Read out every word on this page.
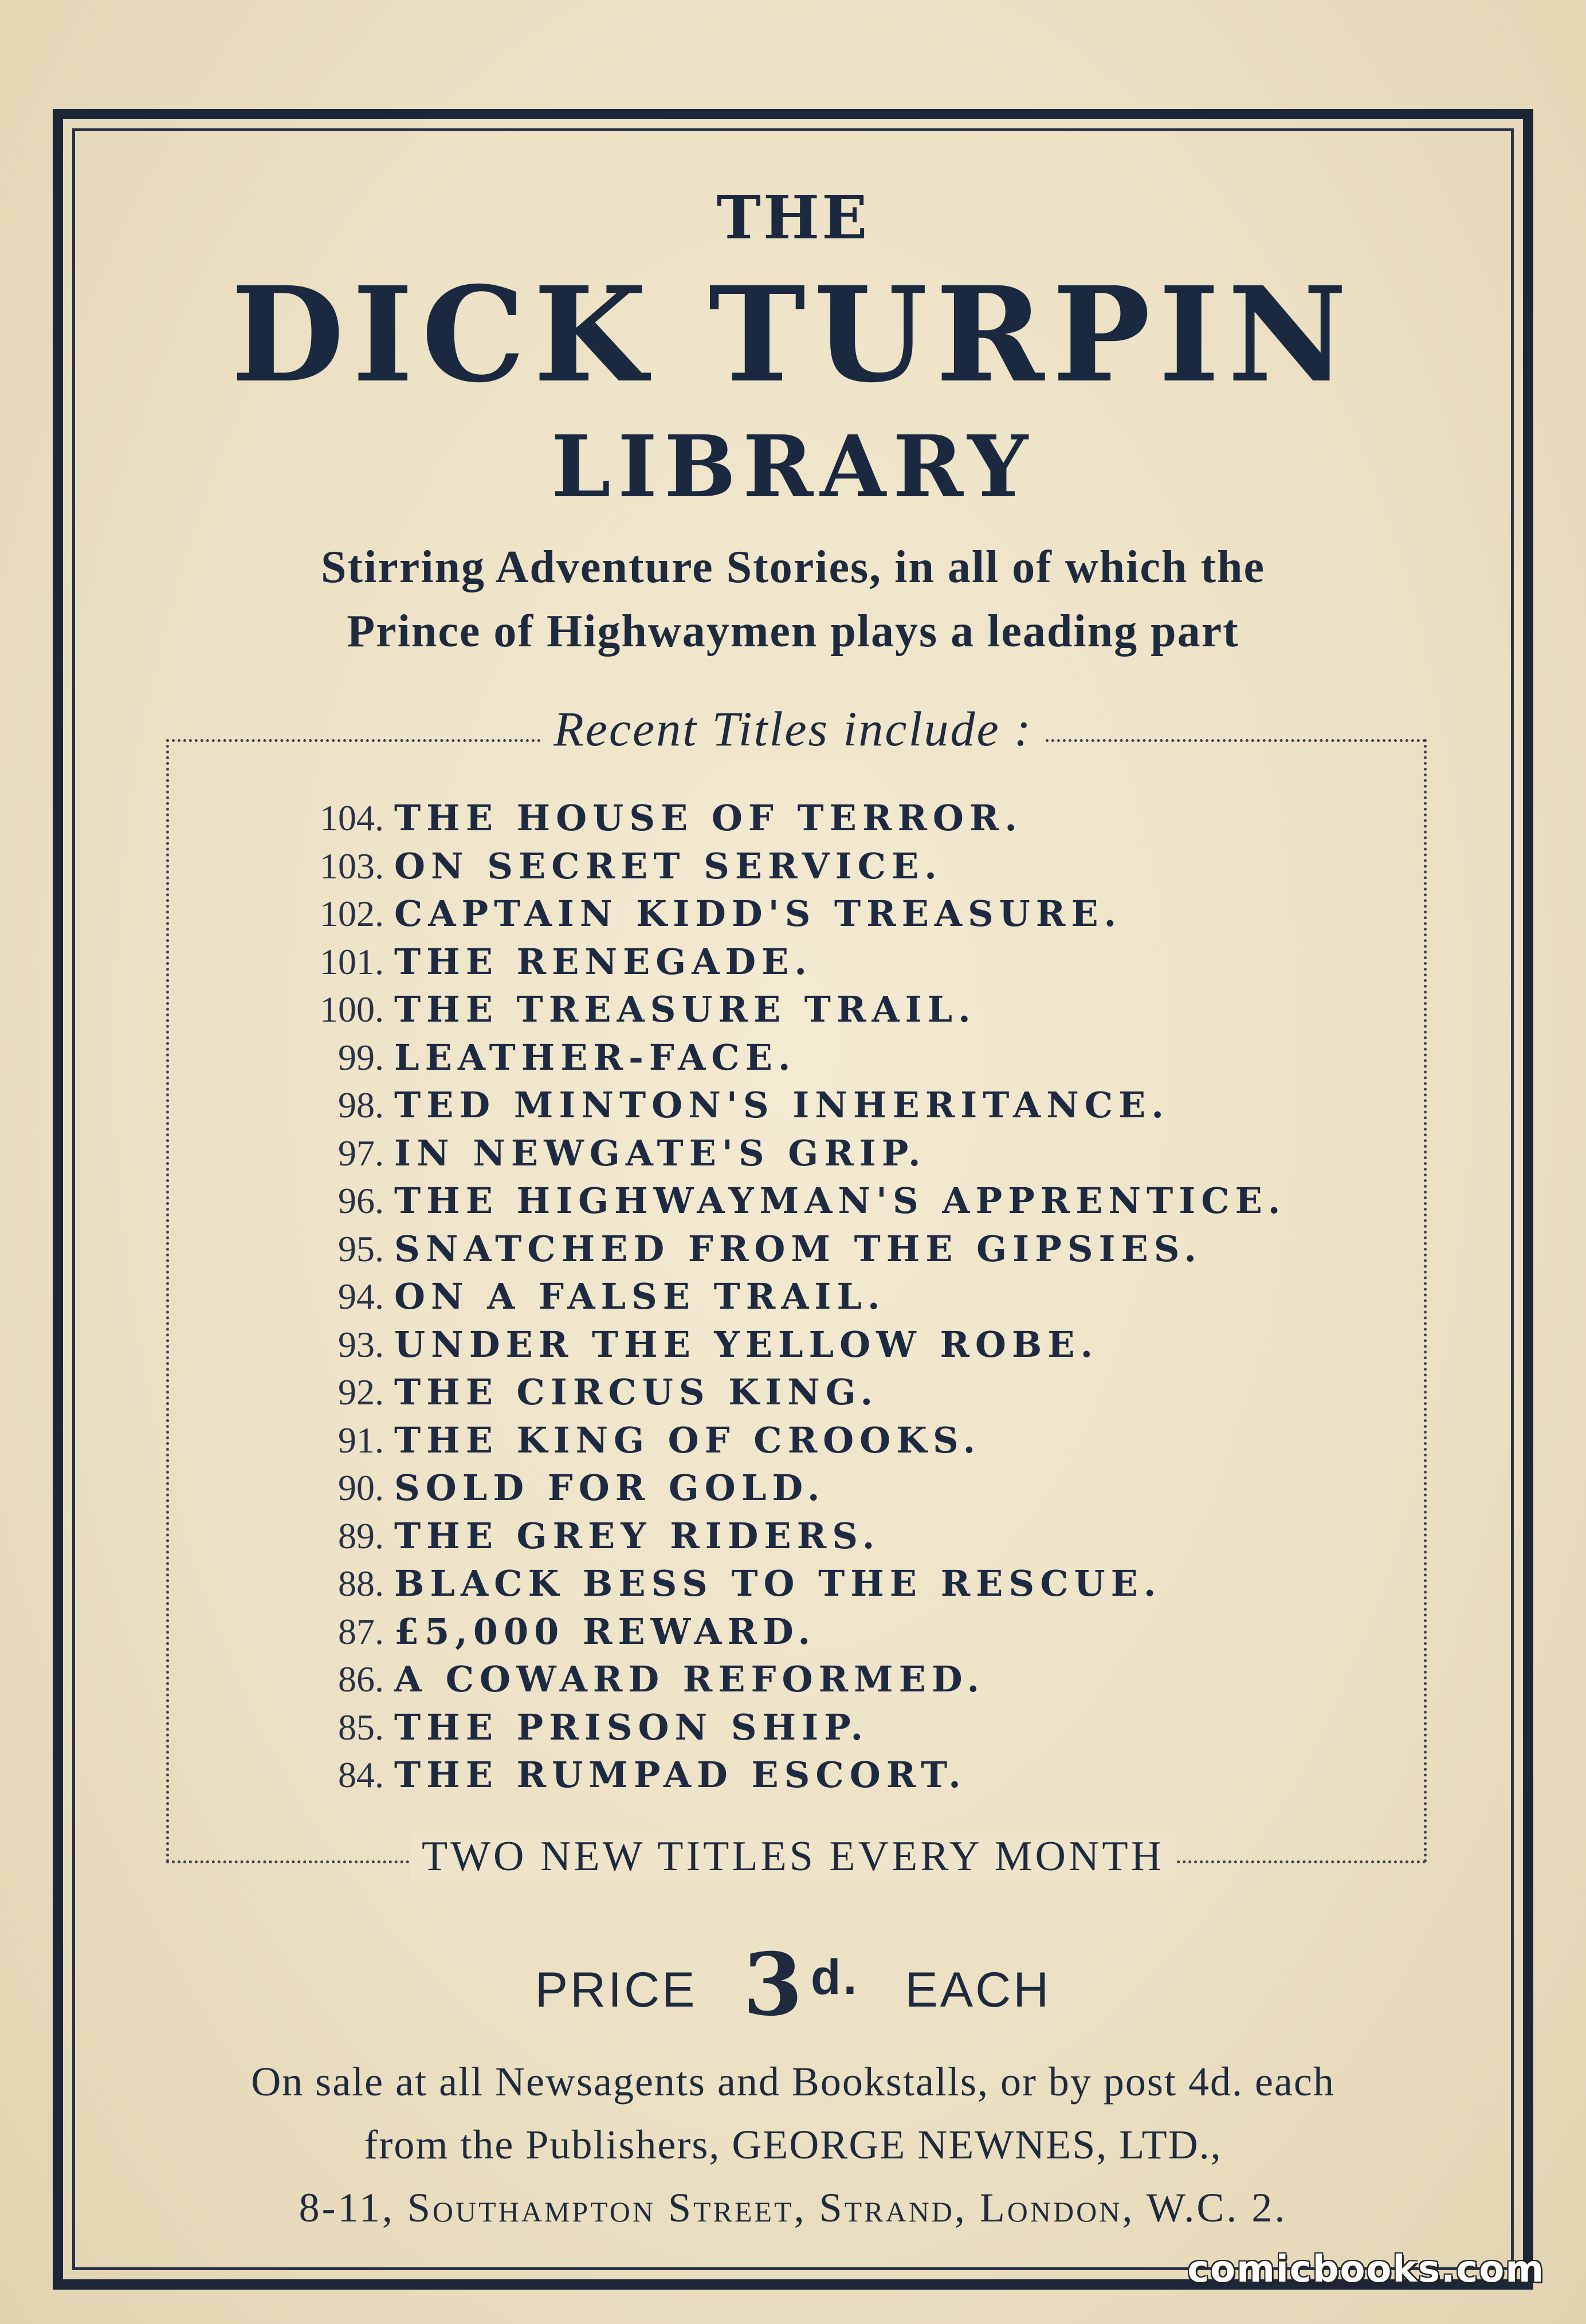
THE
DICK TURPIN
LIBRARY
Stirring Adventure Stories, in all of which the
Prince of Highwaymen plays a leading part
Recent Titles include :
104. THE HOUSE OF TERROR.
103. ON SECRET SERVICE.
102. CAPTAIN KIDD'S TREASURE.
101. THE RENEGADE.
100. THE TREASURE TRAIL.
99. LEATHER-FACE.
98. TED MINTON'S INHERITANCE.
97. IN NEWGATE'S GRIP.
96. THE HIGHWAYMAN'S APPRENTICE.
95. SNATCHED FROM THE GIPSIES.
94. ON A FALSE TRAIL.
93. UNDER THE YELLOW ROBE.
92. THE CIRCUS KING.
91. THE KING OF CROOKS.
90. SOLD FOR GOLD.
89. THE GREY RIDERS.
88. BLACK BESS TO THE RESCUE.
87. £5,000 REWARD.
86. A COWARD REFORMED.
85. THE PRISON SHIP.
84. THE RUMPAD ESCORT.
TWO NEW TITLES EVERY MONTH
PRICE 3 d. EACH
On sale at all Newsagents and Bookstalls, or by post 4d. each
from the Publishers, GEORGE NEWNES, LTD.,
8-11, Southampton Street, Strand, London, W.C. 2.
comicbooks.com
